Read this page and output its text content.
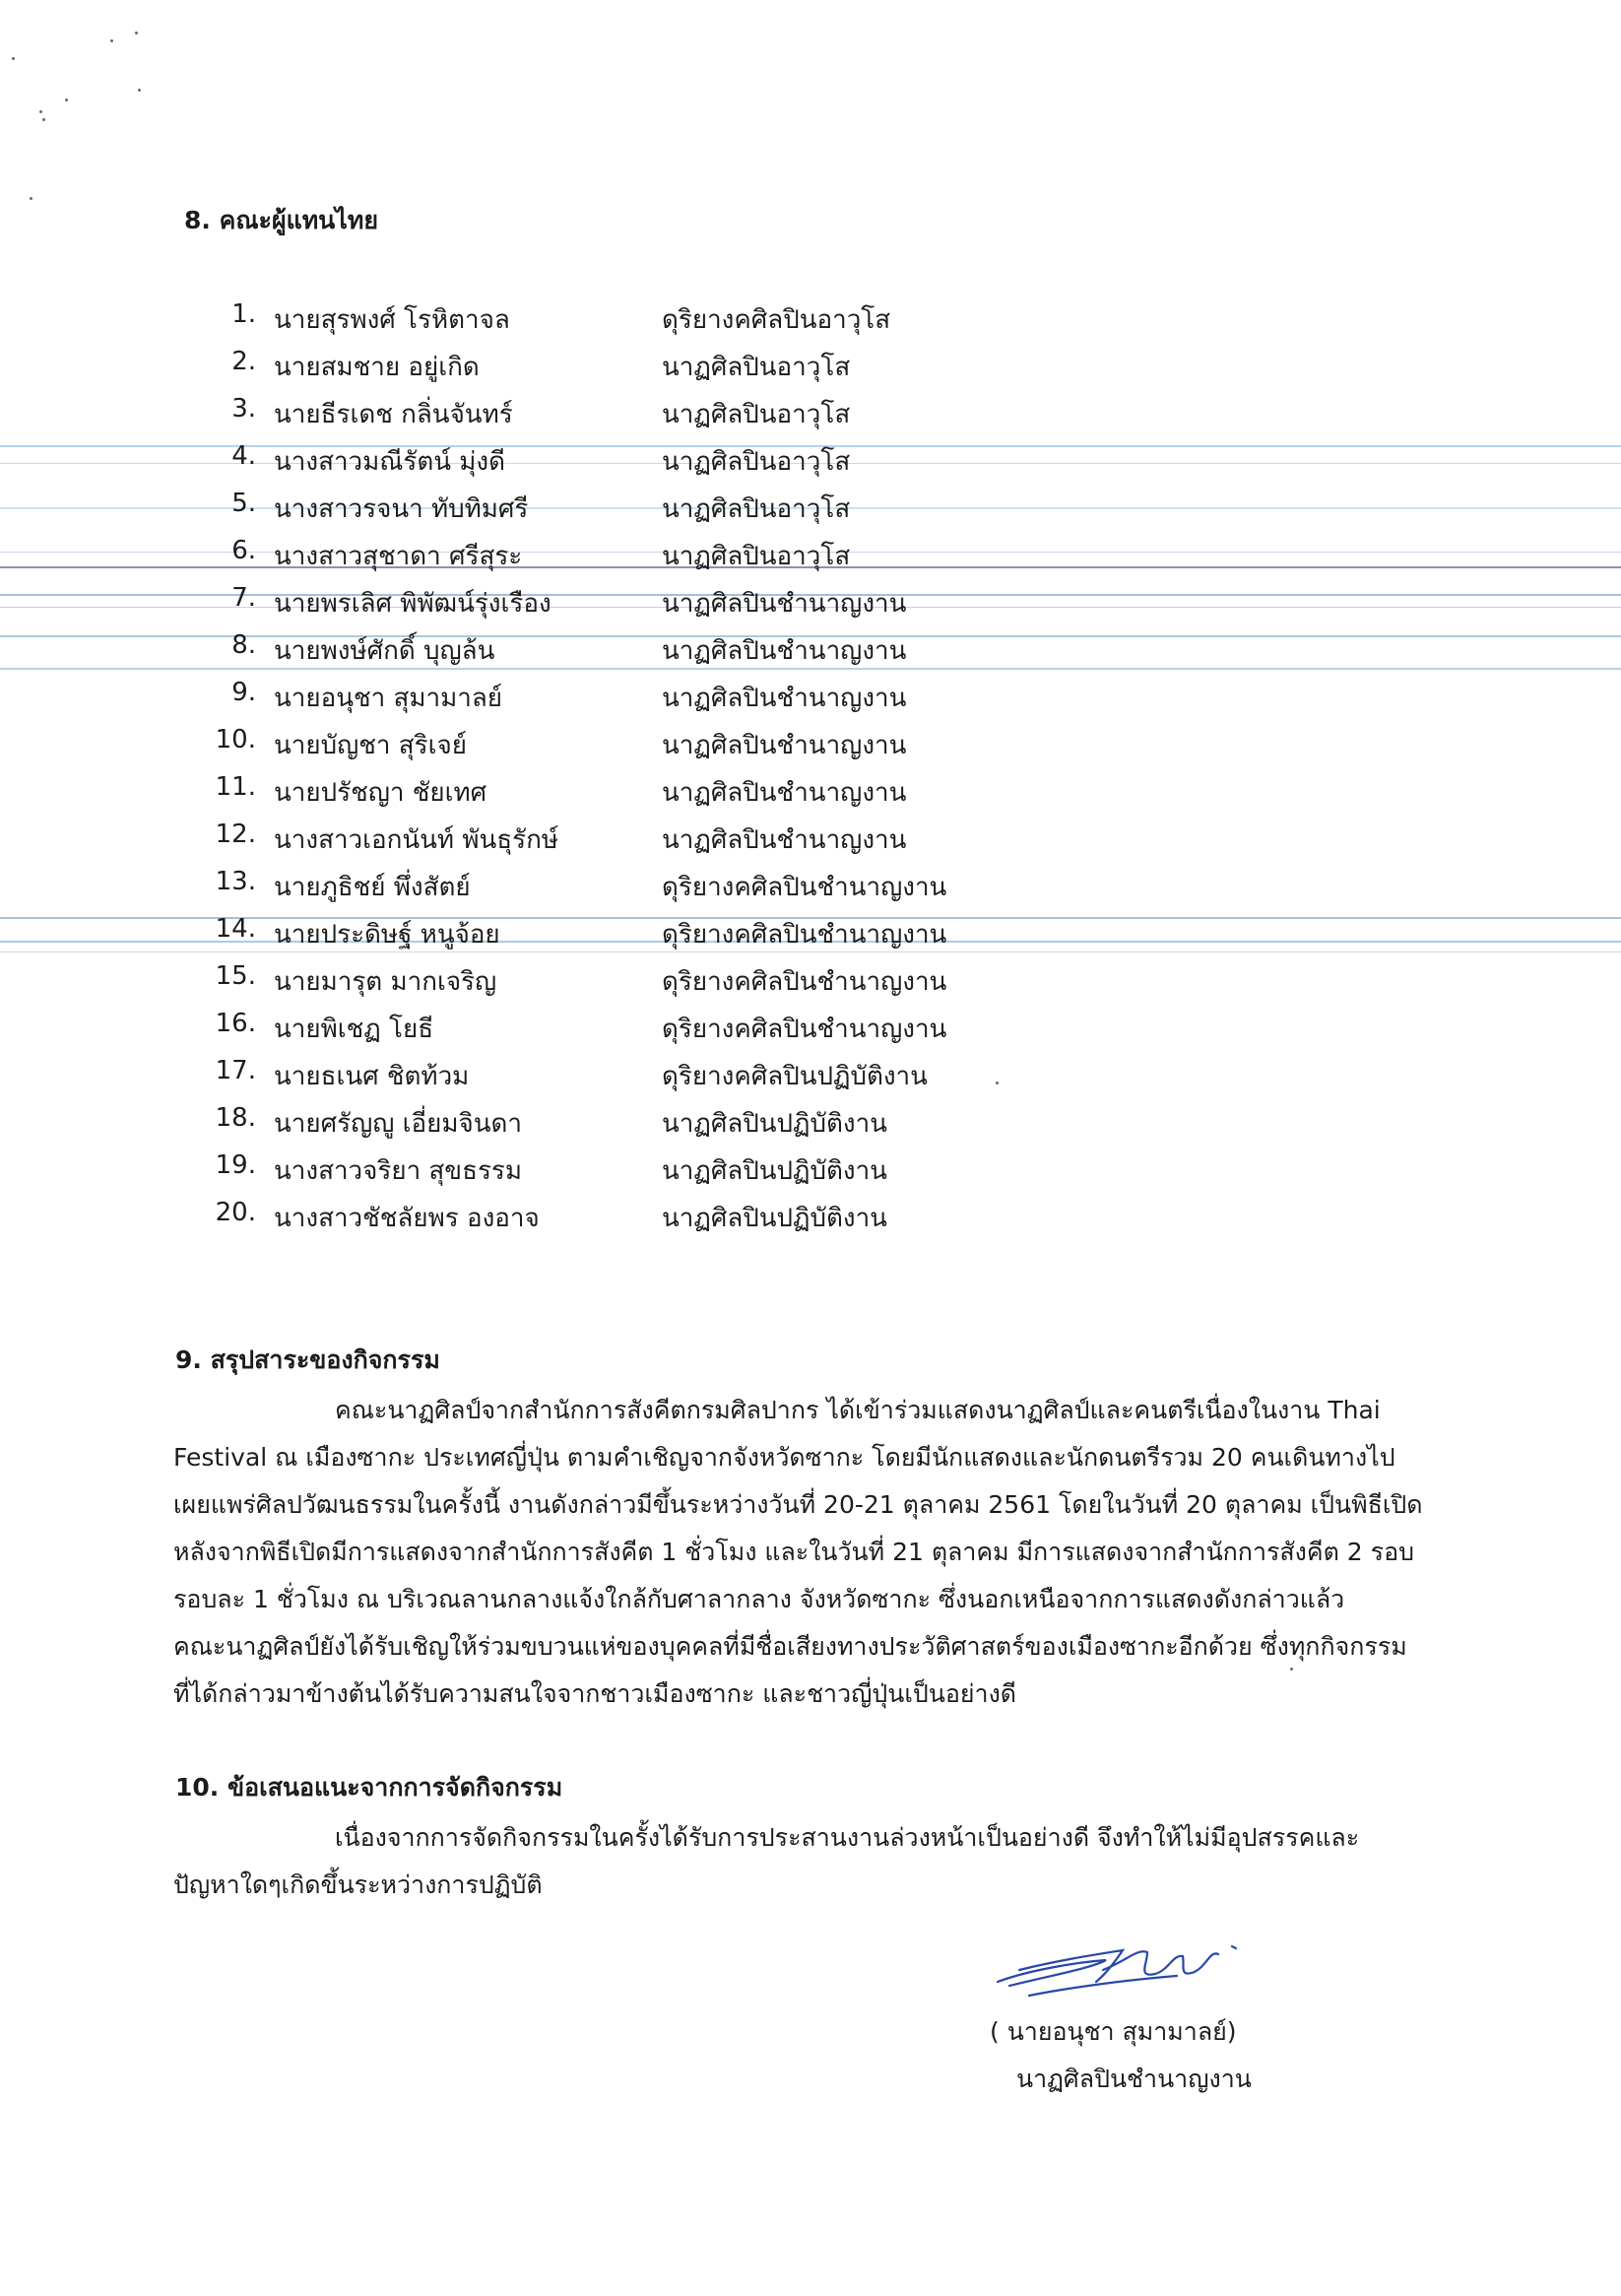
8. คณะผู้แทนไทย
1. นายสุรพงศ์ โรหิตาจล	ดุริยางคศิลปินอาวุโส
2. นายสมชาย อยู่เกิด	นาฏศิลปินอาวุโส
3. นายธีรเดช กลิ่นจันทร์	นาฏศิลปินอาวุโส
4. นางสาวมณีรัตน์ มุ่งดี	นาฏศิลปินอาวุโส
5. นางสาวรจนา ทับทิมศรี	นาฏศิลปินอาวุโส
6. นางสาวสุชาดา ศรีสุระ	นาฏศิลปินอาวุโส
7. นายพรเลิศ พิพัฒน์รุ่งเรือง	นาฏศิลปินชำนาญงาน
8. นายพงษ์ศักดิ์ บุญล้น	นาฏศิลปินชำนาญงาน
9. นายอนุชา สุมามาลย์	นาฏศิลปินชำนาญงาน
10. นายบัญชา สุริเจย์	นาฏศิลปินชำนาญงาน
11. นายปรัชญา ชัยเทศ	นาฏศิลปินชำนาญงาน
12. นางสาวเอกนันท์ พันธุรักษ์	นาฏศิลปินชำนาญงาน
13. นายภูธิชย์ พึ่งสัตย์	ดุริยางคศิลปินชำนาญงาน
14. นายประดิษฐ์ หนูจ้อย	ดุริยางคศิลปินชำนาญงาน
15. นายมารุต มากเจริญ	ดุริยางคศิลปินชำนาญงาน
16. นายพิเชฏ โยธี	ดุริยางคศิลปินชำนาญงาน
17. นายธเนศ ชิตท้วม	ดุริยางคศิลปินปฏิบัติงาน
18. นายศรัญญู เอี่ยมจินดา	นาฏศิลปินปฏิบัติงาน
19. นางสาวจริยา สุขธรรม	นาฏศิลปินปฏิบัติงาน
20. นางสาวชัชลัยพร องอาจ	นาฏศิลปินปฏิบัติงาน
9. สรุปสาระของกิจกรรม
คณะนาฏศิลป์จากสำนักการสังคีตกรมศิลปากร ได้เข้าร่วมแสดงนาฏศิลป์และคนตรีเนื่องในงาน Thai
Festival ณ เมืองซากะ ประเทศญี่ปุ่น ตามคำเชิญจากจังหวัดซากะ โดยมีนักแสดงและนักดนตรีรวม 20 คนเดินทางไป
เผยแพร่ศิลปวัฒนธรรมในครั้งนี้ งานดังกล่าวมีขึ้นระหว่างวันที่ 20-21 ตุลาคม 2561 โดยในวันที่ 20 ตุลาคม เป็นพิธีเปิด
หลังจากพิธีเปิดมีการแสดงจากสำนักการสังคีต 1 ชั่วโมง และในวันที่ 21 ตุลาคม มีการแสดงจากสำนักการสังคีต 2 รอบ
รอบละ 1 ชั่วโมง ณ บริเวณลานกลางแจ้งใกล้กับศาลากลาง จังหวัดซากะ ซึ่งนอกเหนือจากการแสดงดังกล่าวแล้ว
คณะนาฏศิลป์ยังได้รับเชิญให้ร่วมขบวนแห่ของบุคคลที่มีชื่อเสียงทางประวัติศาสตร์ของเมืองซากะอีกด้วย ซึ่งทุกกิจกรรม
ที่ได้กล่าวมาข้างต้นได้รับความสนใจจากชาวเมืองซากะ และชาวญี่ปุ่นเป็นอย่างดี
10. ข้อเสนอแนะจากการจัดกิจกรรม
เนื่องจากการจัดกิจกรรมในครั้งได้รับการประสานงานล่วงหน้าเป็นอย่างดี จึงทำให้ไม่มีอุปสรรคและ
ปัญหาใดๆเกิดขึ้นระหว่างการปฏิบัติ
( นายอนุชา สุมามาลย์)
นาฏศิลปินชำนาญงาน
